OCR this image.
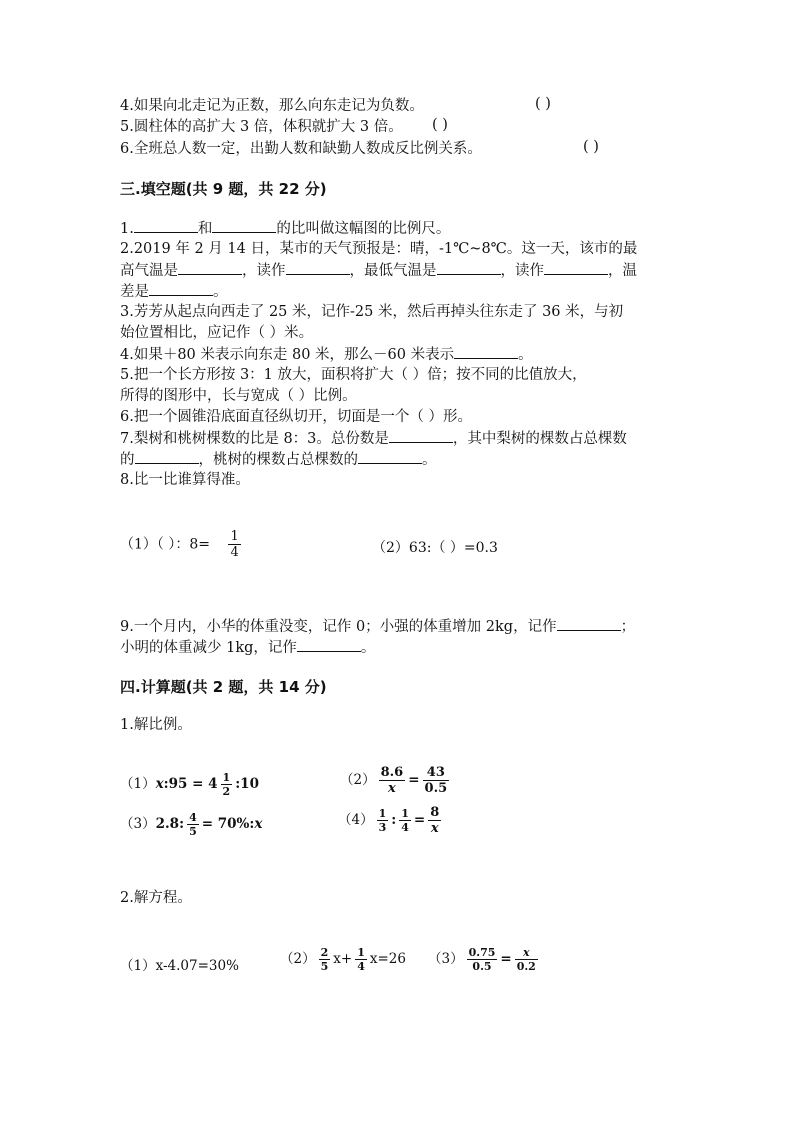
4.如果向北走记为正数，那么向东走记为负数。	( )
5.圆柱体的高扩大 3 倍，体积就扩大 3 倍。 ( )
6.全班总人数一定，出勤人数和缺勤人数成反比例关系。	( )
三.填空题(共 9 题，共 22 分)
1.	和	的比叫做这幅图的比例尺。
2.2019 年 2 月 14 日，某市的天气预报是：晴，-1℃~8℃。这一天，该市的最
高气温是	，读作	，最低气温是	，读作	，温
差是	。
3.芳芳从起点向西走了 25 米，记作-25 米，然后再掉头往东走了 36 米，与初
始位置相比，应记作（ ）米。
4.如果＋80 米表示向东走 80 米，那么－60 米表示	。
5.把一个长方形按 3：1 放大，面积将扩大（ ）倍；按不同的比值放大，
所得的图形中，长与宽成（ ）比例。
6.把一个圆锥沿底面直径纵切开，切面是一个（ ）形。
7.梨树和桃树棵数的比是 8：3。总份数是	，其中梨树的棵数占总棵数
的	，桃树的棵数占总棵数的	。
8.比一比谁算得准。
（1）（ ）：$8= \frac{1}{4}$	（2）63:（ ）=0.3
9.一个月内，小华的体重没变，记作 0；小强的体重增加 2kg，记作	；
小明的体重减少 1kg，记作	。
四.计算题(共 2 题，共 14 分)
1.解比例。
（1）x:95 = $4 \frac{1}{2}$ :10	$(2) \frac{8.6}{x} = \frac{43}{0.5}$
（3）2.8: $\frac{4}{5}$ = 70%:x	$(4) \frac{1}{3}$ : $\frac{1}{4} = \frac{8}{x}$
2.解方程。
（1）x-4.07=30%	$(2) \frac{2}{5} x+ \frac{1}{4} x=26$ $(3) \frac{0.75}{0.5} = \frac{x}{0.2}$
